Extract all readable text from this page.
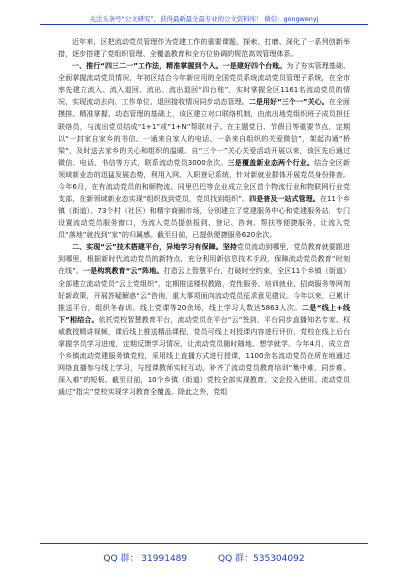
关注头条号“公文研究”，获得最新最全最专业的公文资料库！ 微信：gongwenyj

近年来，区把流动党员管理作为党建工作的重要课题，探索、打磨、深化了一系列创新举措，逐步搭建了党组织管理、全覆盖教育和全方位协调的规范高效管理体系。

一、推行“四三二一”工作法，精准掌握到个人。一是建好四个台账。为了夯实管理基础，全面掌握流动党员情况，年初区结合今年新应用的全国党员系统流动党员管理子系统，在全市率先建立流入、流入退回、流出、流出退回“四台账”，实时掌握全区1161名流动党员的情况，实现流动去向、工作单位、退回接收情况同步动态管理。二是用好“三个一”关心。在全面摸排、精准掌握、动态管理的基础上，该区建立对口联络机制，由流出地党组织班子成员担任联络员，与流出党员结成“1+1”或“1+N”帮联对子。在主题党日、节假日等重要节点，定期以“一封家自家乡的书信、一通来自家人的电话、一条来自组织的关爱微信”，架起沟通“桥梁”，及时送去家乡的关心和组织的温暖。自“三个一”关心关爱活动开展以来，该区先后通过微信、电话、书信等方式，联系流动党员3000余次。三是覆盖新业态两个行业。结合全区新领域新业态的迅猛发展态势，利用入网、入职登记系统，针对新就业群体开展党员身份排查。今年6月，在有流动党员的和顺物流、同里巴巴等企业成立全区首个物流行业和物联网行业党支部，在新领域新业态实现“组织找到党员，党员找到组织”。四是普及一站式管理。在11个乡镇（街道）、73个村（社区）和精宇商圈市场，分别建立了党建服务中心和党建服务站，专门设置流动党员服务窗口，为流入党员提供报到、登记、咨询、帮扶等便捷服务，让流入党员“落地”就找到“家”的归属感。截至目前，已提供便捷服务620余次。

二、实现“云”技术搭建平台，异地学习有保障。坚持党员流动到哪里，党员教育就要跟进到哪里，根据新时代流动党员的新特点，充分利用新信息技术手段，保障流动党员教育“时刻在线”。一是构筑教育“云”阵地。打造云上智慧平台，打破时空约束，全区11个乡镇（街道）全部建立流动党员“云上党组织”，定期推送楼权教路，党性服务、培训就业、招商服务等网剂好新政策，开展答疑解惑“云”咨询，重大事项面向流动党员征求意见建议。今年以来，已累计推送平台，组织冬春训、线上党课等20余场，线上学习人数达5863人次。二是“线上+线下”相结合。依托党校智慧教育平台，流动党员在平台“云”签到，平台同步直播知名专家、权威教授精讲视频，课后线上推送精品课程，党员可线上对授课内容进行评价，党校在线上后台掌握学员学习进度，定期反馈学习情况，让流动党员随时随地、想学就学。今年4月，成立首个乡镇流动党建服务镇党校，采用线上直播方式进行授课，1100余名流动党员在所在地通过网络直播参与线上学习，与授课教师实时互动，补齐了流动党员教育培训“集中难、同步难、深入难”的短板。截至目前，10个乡镇（街道）党校全部实现教育、文企投入使用。流动党员通过“指尖”党校实现学习教育全覆盖。除此之外，党组

QQ 群： 31991489	QQ 群：535304092
